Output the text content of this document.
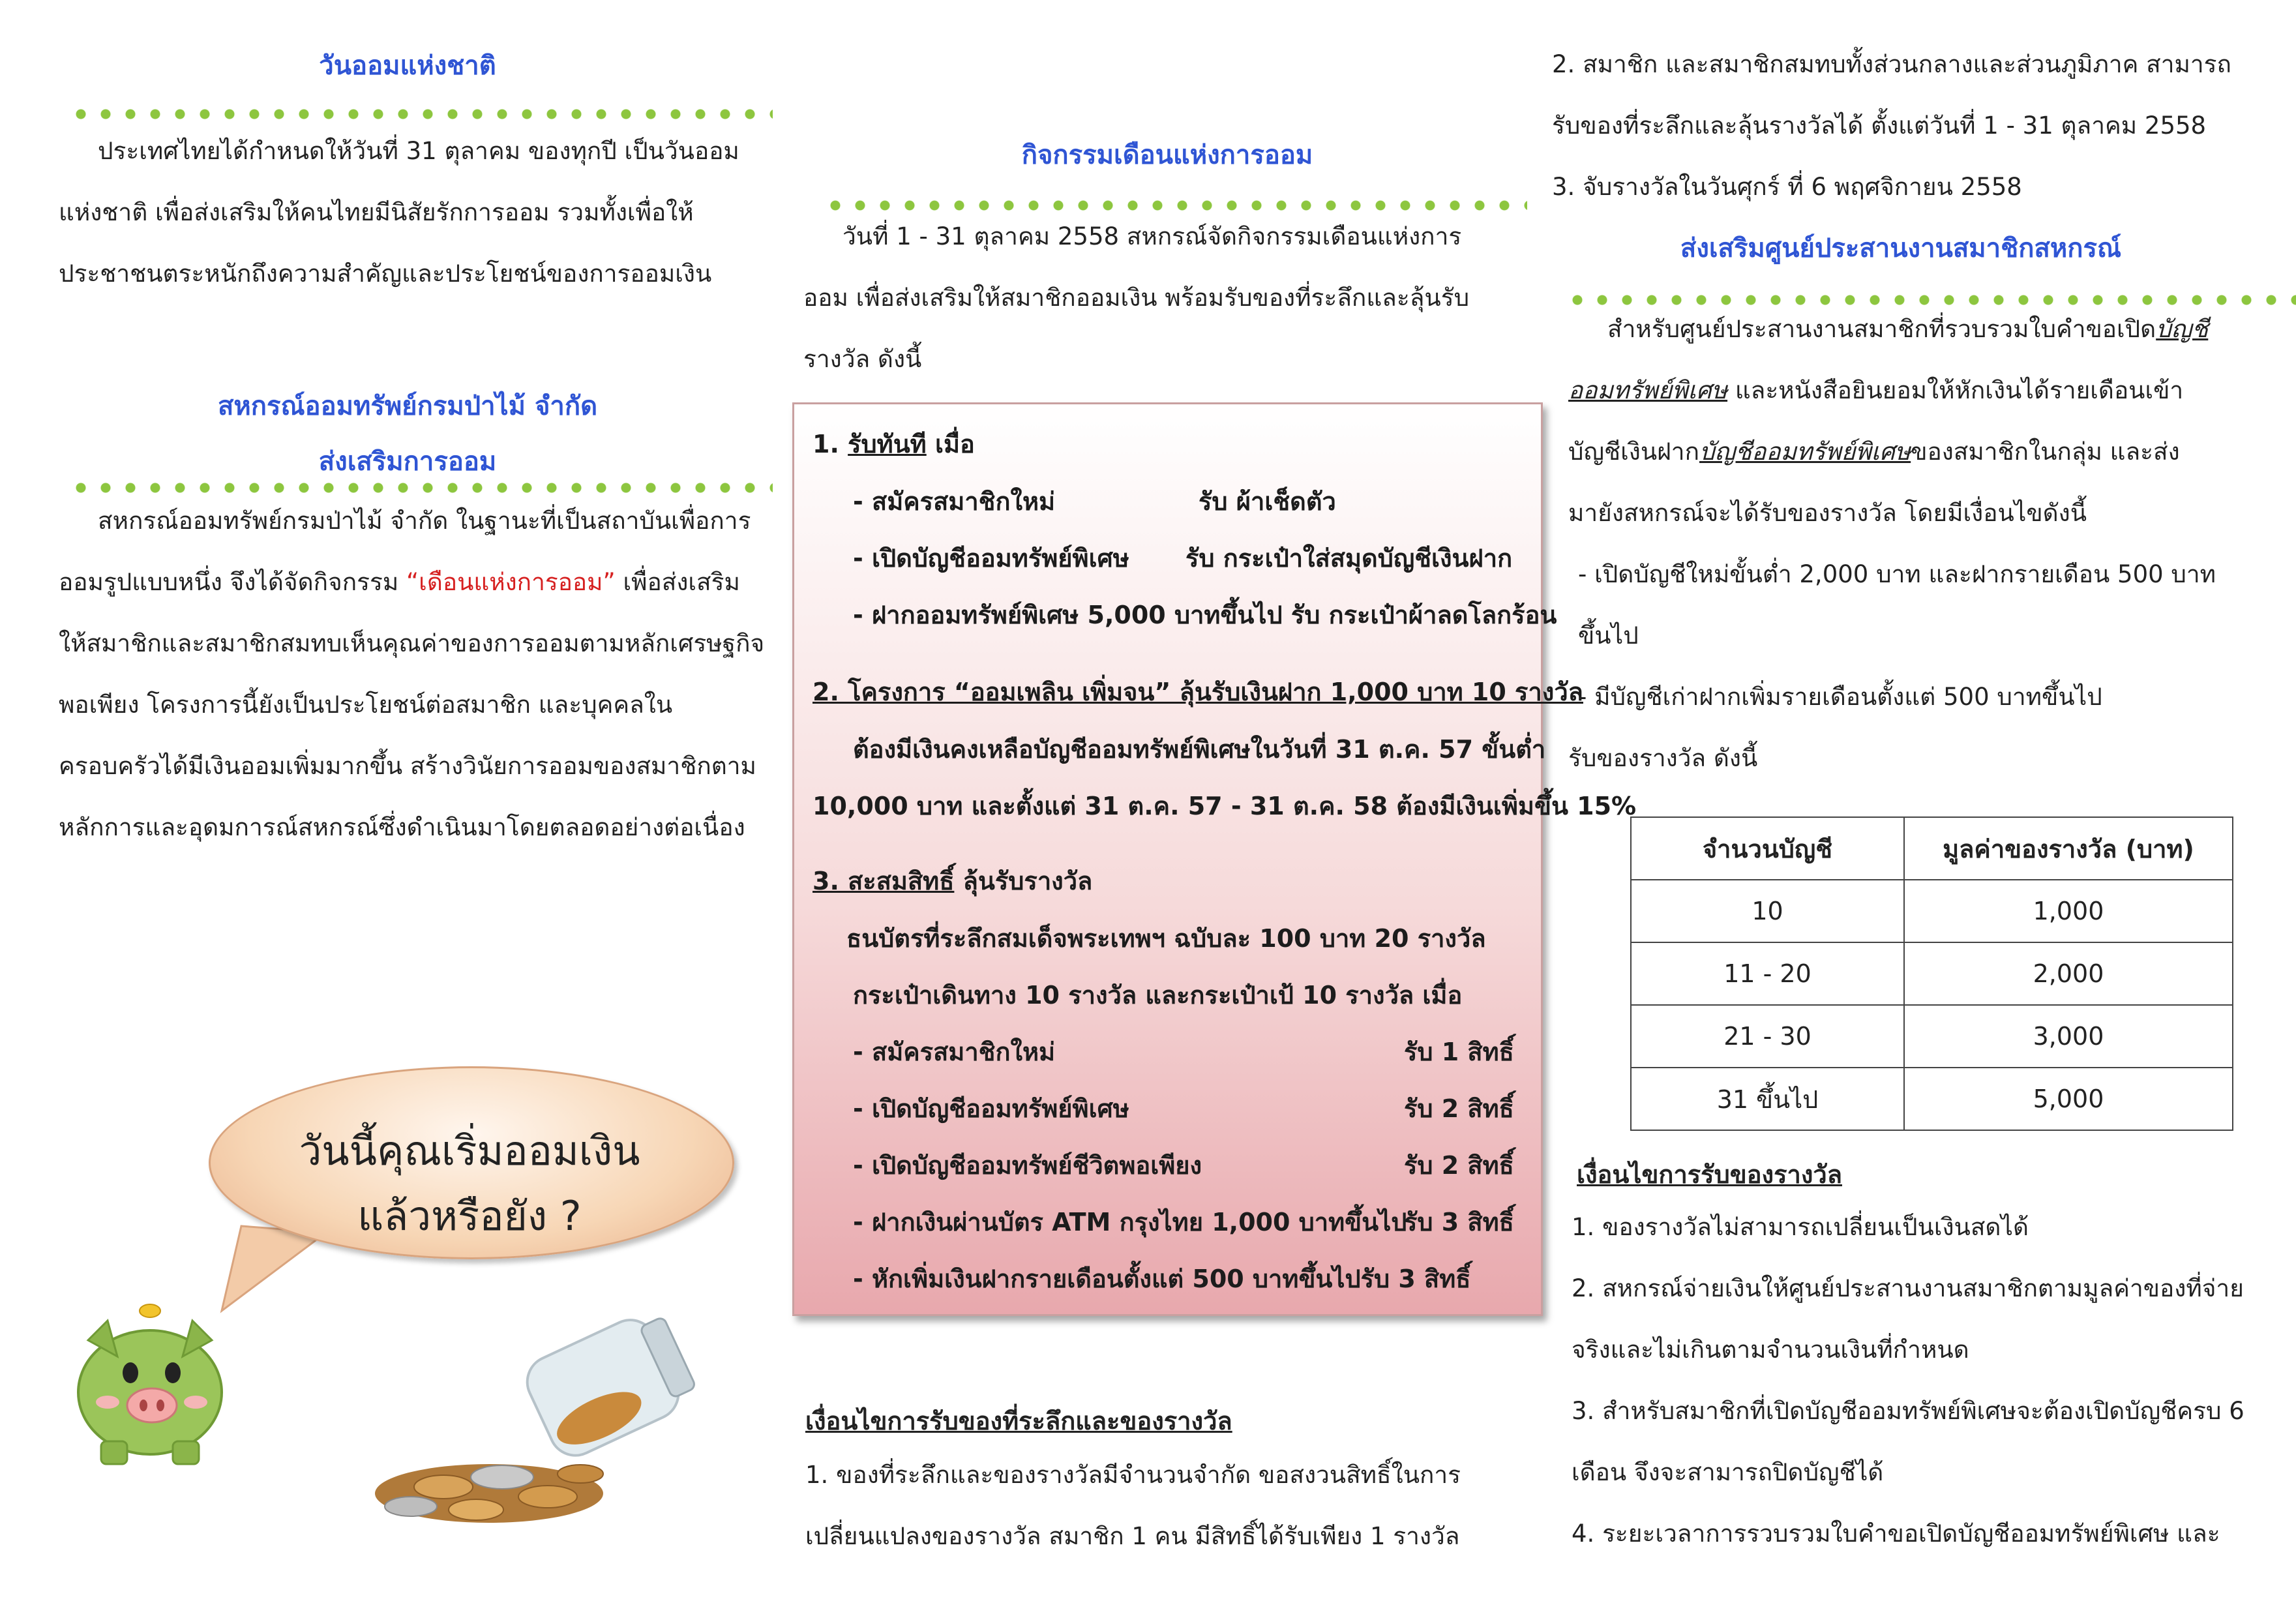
วันออมแห่งชาติ

ประเทศไทยได้กำหนดให้วันที่ 31 ตุลาคม ของทุกปี เป็นวันออมแห่งชาติ เพื่อส่งเสริมให้คนไทยมีนิสัยรักการออม รวมทั้งเพื่อให้ประชาชนตระหนักถึงความสำคัญและประโยชน์ของการออมเงิน

สหกรณ์ออมทรัพย์กรมป่าไม้ จำกัด
ส่งเสริมการออม

สหกรณ์ออมทรัพย์กรมป่าไม้ จำกัด ในฐานะที่เป็นสถาบันเพื่อการออมรูปแบบหนึ่ง จึงได้จัดกิจกรรม “เดือนแห่งการออม” เพื่อส่งเสริมให้สมาชิกและสมาชิกสมทบเห็นคุณค่าของการออมตามหลักเศรษฐกิจพอเพียง โครงการนี้ยังเป็นประโยชน์ต่อสมาชิก และบุคคลในครอบครัวได้มีเงินออมเพิ่มมากขึ้น สร้างวินัยการออมของสมาชิกตามหลักการและอุดมการณ์สหกรณ์ซึ่งดำเนินมาโดยตลอดอย่างต่อเนื่อง

วันนี้คุณเริ่มออมเงิน
แล้วหรือยัง ?
กิจกรรมเดือนแห่งการออม

วันที่ 1 - 31 ตุลาคม 2558 สหกรณ์จัดกิจกรรมเดือนแห่งการออม เพื่อส่งเสริมให้สมาชิกออมเงิน พร้อมรับของที่ระลึกและลุ้นรับรางวัล ดังนี้

1. รับทันที เมื่อ
- สมัครสมาชิกใหม่	รับ ผ้าเช็ดตัว
- เปิดบัญชีออมทรัพย์พิเศษ รับ กระเป๋าใส่สมุดบัญชีเงินฝาก
- ฝากออมทรัพย์พิเศษ 5,000 บาทขึ้นไป รับ กระเป๋าผ้าลดโลกร้อน
2. โครงการ “ออมเพลิน เพิ่มจน” ลุ้นรับเงินฝาก 1,000 บาท 10 รางวัล
ต้องมีเงินคงเหลือบัญชีออมทรัพย์พิเศษในวันที่ 31 ต.ค. 57 ขั้นต่ำ
10,000 บาท และตั้งแต่ 31 ต.ค. 57 - 31 ต.ค. 58 ต้องมีเงินเพิ่มขึ้น 15%
3. สะสมสิทธิ์ ลุ้นรับรางวัล
ธนบัตรที่ระลึกสมเด็จพระเทพฯ ฉบับละ 100 บาท 20 รางวัล
กระเป๋าเดินทาง 10 รางวัล และกระเป๋าเป้ 10 รางวัล เมื่อ
- สมัครสมาชิกใหม่	รับ 1 สิทธิ์
- เปิดบัญชีออมทรัพย์พิเศษ	รับ 2 สิทธิ์
- เปิดบัญชีออมทรัพย์ชีวิตพอเพียง	รับ 2 สิทธิ์
- ฝากเงินผ่านบัตร ATM กรุงไทย 1,000 บาทขึ้นไป
รับ 3 สิทธิ์
- หักเพิ่มเงินฝากรายเดือนตั้งแต่ 500 บาทขึ้นไปรับ 3 สิทธิ์
เงื่อนไขการรับของที่ระลึกและของรางวัล

1. ของที่ระลึกและของรางวัลมีจำนวนจำกัด ขอสงวนสิทธิ์ในการเปลี่ยนแปลงของรางวัล สมาชิก 1 คน มีสิทธิ์ได้รับเพียง 1 รางวัล

2. สมาชิก และสมาชิกสมทบทั้งส่วนกลางและส่วนภูมิภาค สามารถรับของที่ระลึกและลุ้นรางวัลได้ ตั้งแต่วันที่ 1 - 31 ตุลาคม 2558

3. จับรางวัลในวันศุกร์ ที่ 6 พฤศจิกายน 2558

ส่งเสริมศูนย์ประสานงานสมาชิกสหกรณ์

สำหรับศูนย์ประสานงานสมาชิกที่รวบรวมใบคำขอเปิดบัญชีออมทรัพย์พิเศษ และหนังสือยินยอมให้หักเงินได้รายเดือนเข้าบัญชีเงินฝากบัญชีออมทรัพย์พิเศษของสมาชิกในกลุ่ม และส่งมายังสหกรณ์จะได้รับของรางวัล โดยมีเงื่อนไขดังนี้

- เปิดบัญชีใหม่ขั้นต่ำ 2,000 บาท และฝากรายเดือน 500 บาทขึ้นไป

- มีบัญชีเก่าฝากเพิ่มรายเดือนตั้งแต่ 500 บาทขึ้นไป

รับของรางวัล ดังนี้

จำนวนบัญชี	มูลค่าของรางวัล (บาท)
10	1,000
11 - 20	2,000
21 - 30	3,000
31 ขึ้นไป	5,000
เงื่อนไขการรับของรางวัล

1. ของรางวัลไม่สามารถเปลี่ยนเป็นเงินสดได้

2. สหกรณ์จ่ายเงินให้ศูนย์ประสานงานสมาชิกตามมูลค่าของที่จ่ายจริงและไม่เกินตามจำนวนเงินที่กำหนด

3. สำหรับสมาชิกที่เปิดบัญชีออมทรัพย์พิเศษจะต้องเปิดบัญชีครบ 6 เดือน จึงจะสามารถปิดบัญชีได้

4. ระยะเวลาการรวบรวมใบคำขอเปิดบัญชีออมทรัพย์พิเศษ และ
